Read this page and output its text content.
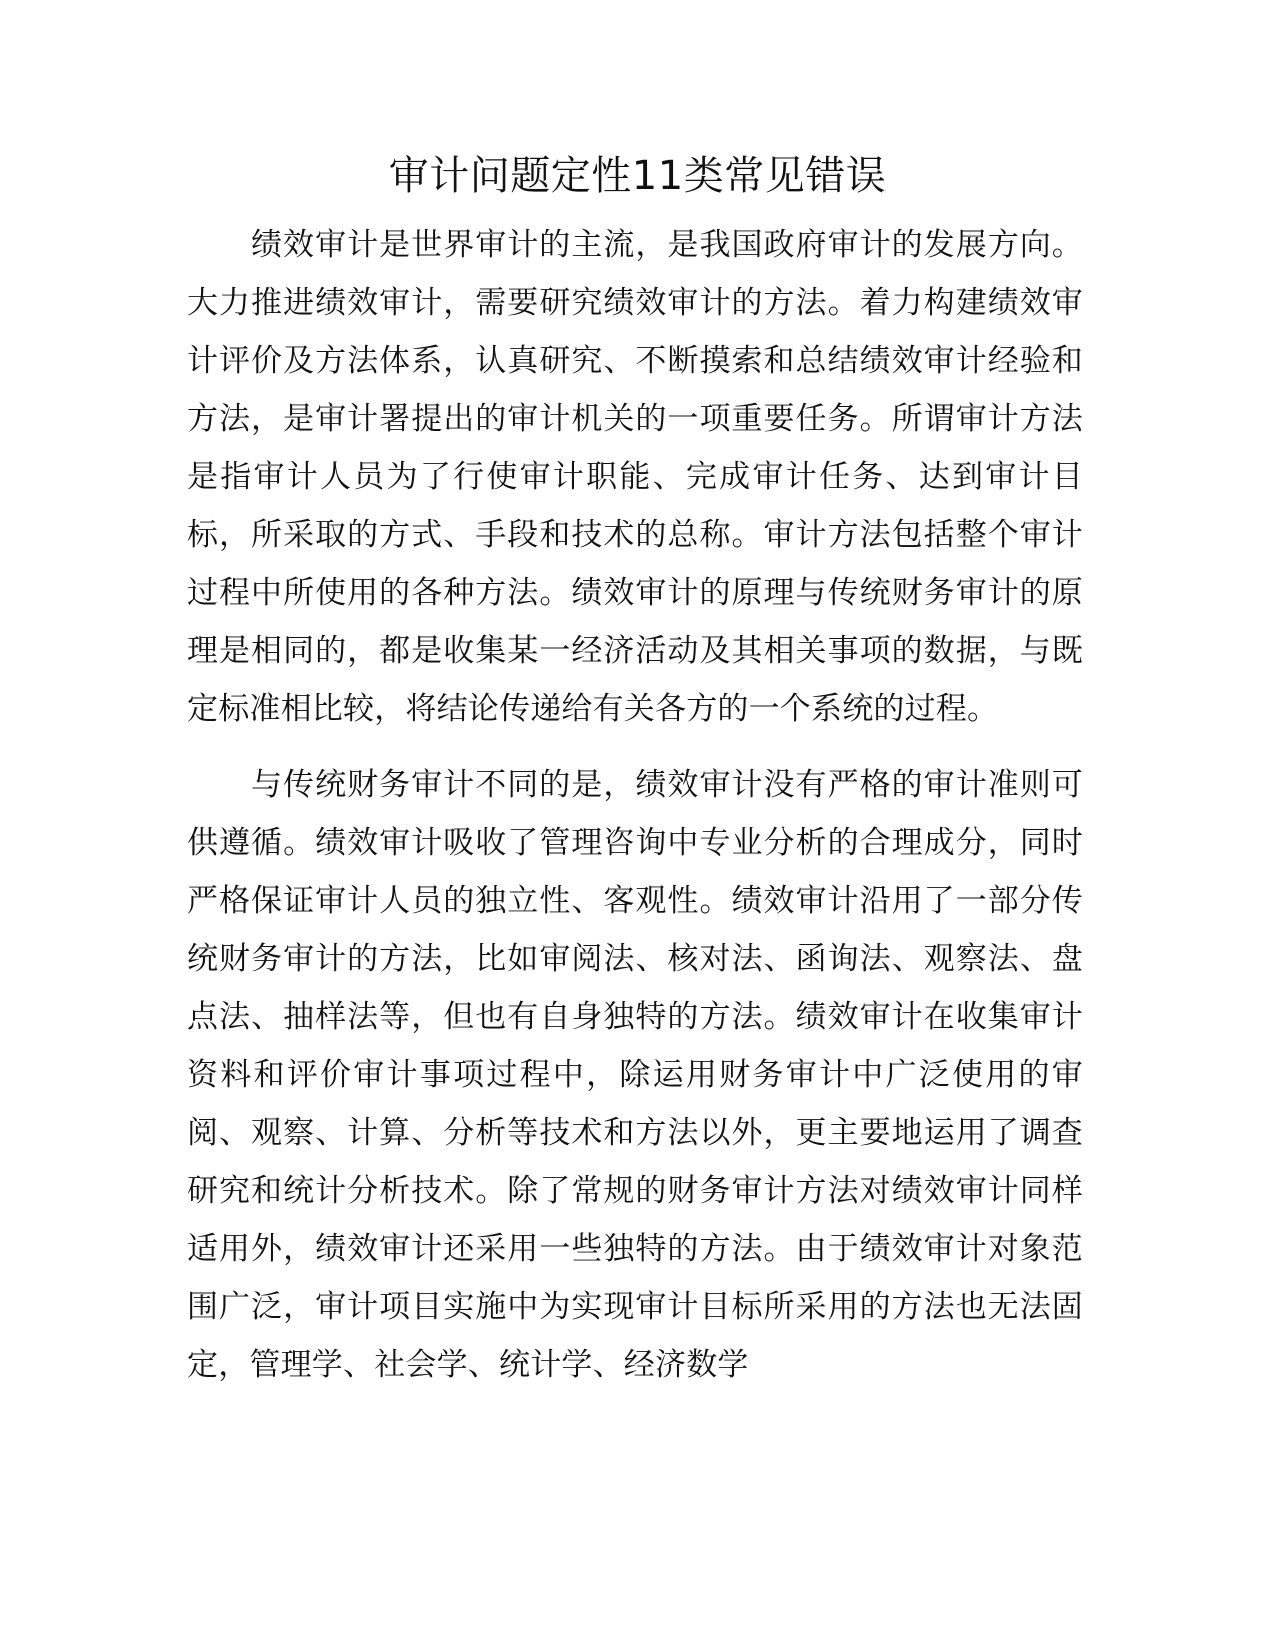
审计问题定性11类常见错误

绩效审计是世界审计的主流，是我国政府审计的发展方向。大力推进绩效审计，需要研究绩效审计的方法。着力构建绩效审计评价及方法体系，认真研究、不断摸索和总结绩效审计经验和方法，是审计署提出的审计机关的一项重要任务。所谓审计方法是指审计人员为了行使审计职能、完成审计任务、达到审计目标，所采取的方式、手段和技术的总称。审计方法包括整个审计过程中所使用的各种方法。绩效审计的原理与传统财务审计的原理是相同的，都是收集某一经济活动及其相关事项的数据，与既定标准相比较，将结论传递给有关各方的一个系统的过程。

与传统财务审计不同的是，绩效审计没有严格的审计准则可供遵循。绩效审计吸收了管理咨询中专业分析的合理成分，同时严格保证审计人员的独立性、客观性。绩效审计沿用了一部分传统财务审计的方法，比如审阅法、核对法、函询法、观察法、盘点法、抽样法等，但也有自身独特的方法。绩效审计在收集审计资料和评价审计事项过程中，除运用财务审计中广泛使用的审阅、观察、计算、分析等技术和方法以外，更主要地运用了调查研究和统计分析技术。除了常规的财务审计方法对绩效审计同样适用外，绩效审计还采用一些独特的方法。由于绩效审计对象范围广泛，审计项目实施中为实现审计目标所采用的方法也无法固定，管理学、社会学、统计学、经济数学
